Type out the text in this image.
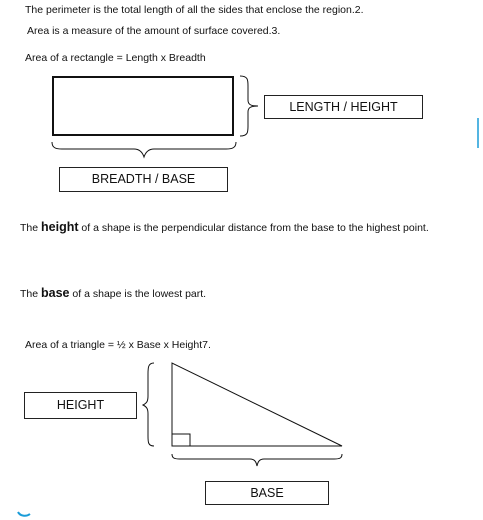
The perimeter is the total length of all the sides that enclose the region.2.

Area is a measure of the amount of surface covered.3.

Area of a rectangle = Length x Breadth

LENGTH / HEIGHT
BREADTH / BASE

The height of a shape is the perpendicular distance from the base to the highest point.

The base of a shape is the lowest part.

Area of a triangle = ½ x Base x Height7.

HEIGHT
BASE
